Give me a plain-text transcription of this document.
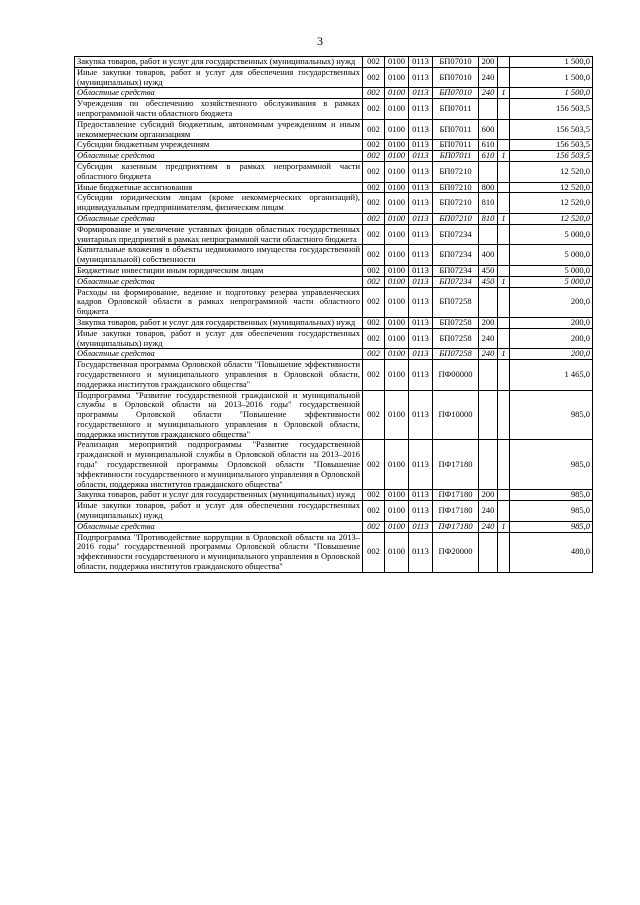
3
Закупка товаров, работ и услуг для государственных (муниципальных) нужд	002	0100	0113	БП07010	200		1 500,0
Иные закупки товаров, работ и услуг для обеспечения государственных (муниципальных) нужд	002	0100	0113	БП07010	240		1 500,0
Областные средства	002	0100	0113	БП07010	240	1	1 500,0
Учреждения по обеспечению хозяйственного обслуживания в рамках непрограммной части областного бюджета	002	0100	0113	БП07011			156 503,5
Предоставление субсидий бюджетным, автономным учреждениям и иным некоммерческим организациям	002	0100	0113	БП07011	600		156 503,5
Субсидии бюджетным учреждениям	002	0100	0113	БП07011	610		156 503,5
Областные средства	002	0100	0113	БП07011	610	1	156 503,5
Субсидии казенным предприятиям в рамках непрограммной части областного бюджета	002	0100	0113	БП07210			12 520,0
Иные бюджетные ассигнования	002	0100	0113	БП07210	800		12 520,0
Субсидии юридическим лицам (кроме некоммерческих организаций), индивидуальным предпринимателям, физическим лицам	002	0100	0113	БП07210	810		12 520,0
Областные средства	002	0100	0113	БП07210	810	1	12 520,0
Формирование и увеличение уставных фондов областных государственных унитарных предприятий в рамках непрограммной части областного бюджета	002	0100	0113	БП07234			5 000,0
Капитальные вложения в объекты недвижимого имущества государственной (муниципальной) собственности	002	0100	0113	БП07234	400		5 000,0
Бюджетные инвестиции иным юридическим лицам	002	0100	0113	БП07234	450		5 000,0
Областные средства	002	0100	0113	БП07234	450	1	5 000,0
Расходы на формирование, ведение и подготовку резерва управленческих кадров Орловской области в рамках непрограммной части областного бюджета	002	0100	0113	БП07258			200,0
Закупка товаров, работ и услуг для государственных (муниципальных) нужд	002	0100	0113	БП07258	200		200,0
Иные закупки товаров, работ и услуг для обеспечения государственных (муниципальных) нужд	002	0100	0113	БП07258	240		200,0
Областные средства	002	0100	0113	БП07258	240	1	200,0
Государственная программа Орловской области "Повышение эффективности государственного и муниципального управления в Орловской области, поддержка институтов гражданского общества"	002	0100	0113	ПФ00000			1 465,0
Подпрограмма "Развитие государственной гражданской и муниципальной службы в Орловской области на 2013–2016 годы" государственной программы Орловской области "Повышение эффективности государственного и муниципального управления в Орловской области, поддержка институтов гражданского общества"	002	0100	0113	ПФ10000			985,0
Реализация мероприятий подпрограммы "Развитие государственной гражданской и муниципальной службы в Орловской области на 2013–2016 годы" государственной программы Орловской области "Повышение эффективности государственного и муниципального управления в Орловской области, поддержка институтов гражданского общества"	002	0100	0113	ПФ17180			985,0
Закупка товаров, работ и услуг для государственных (муниципальных) нужд	002	0100	0113	ПФ17180	200		985,0
Иные закупки товаров, работ и услуг для обеспечения государственных (муниципальных) нужд	002	0100	0113	ПФ17180	240		985,0
Областные средства	002	0100	0113	ПФ17180	240	1	985,0
Подпрограмма "Противодействие коррупции в Орловской области на 2013–2016 годы" государственной программы Орловской области "Повышение эффективности государственного и муниципального управления в Орловской области, поддержка институтов гражданского общества"	002	0100	0113	ПФ20000			480,0
